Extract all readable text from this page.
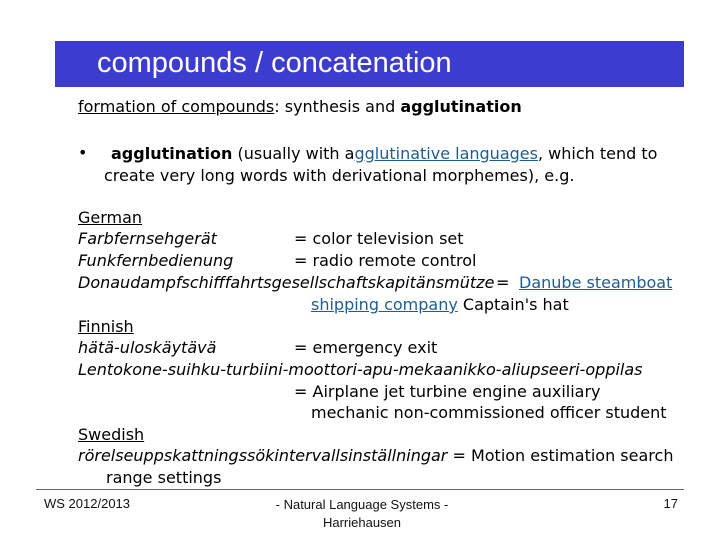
compounds / concatenation
formation of compounds: synthesis and agglutination
• agglutination (usually with agglutinative languages, which tend to
create very long words with derivational morphemes), e.g.
German
Farbfernsehgerät	= color television set
Funkfernbedienung	= radio remote control
Donaudampfschifffahrtsgesellschaftskapitänsmütze = Danube steamboat
shipping company Captain's hat
Finnish
hätä-uloskäytävä	= emergency exit
Lentokone-suihku-turbiini-moottori-apu-mekaanikko-aliupseeri-oppilas
= Airplane jet turbine engine auxiliary
mechanic non-commissioned officer student
Swedish
rörelseuppskattningssökintervallsinställningar = Motion estimation search
range settings
WS 2012/2013	- Natural Language Systems -
Harriehausen
17
